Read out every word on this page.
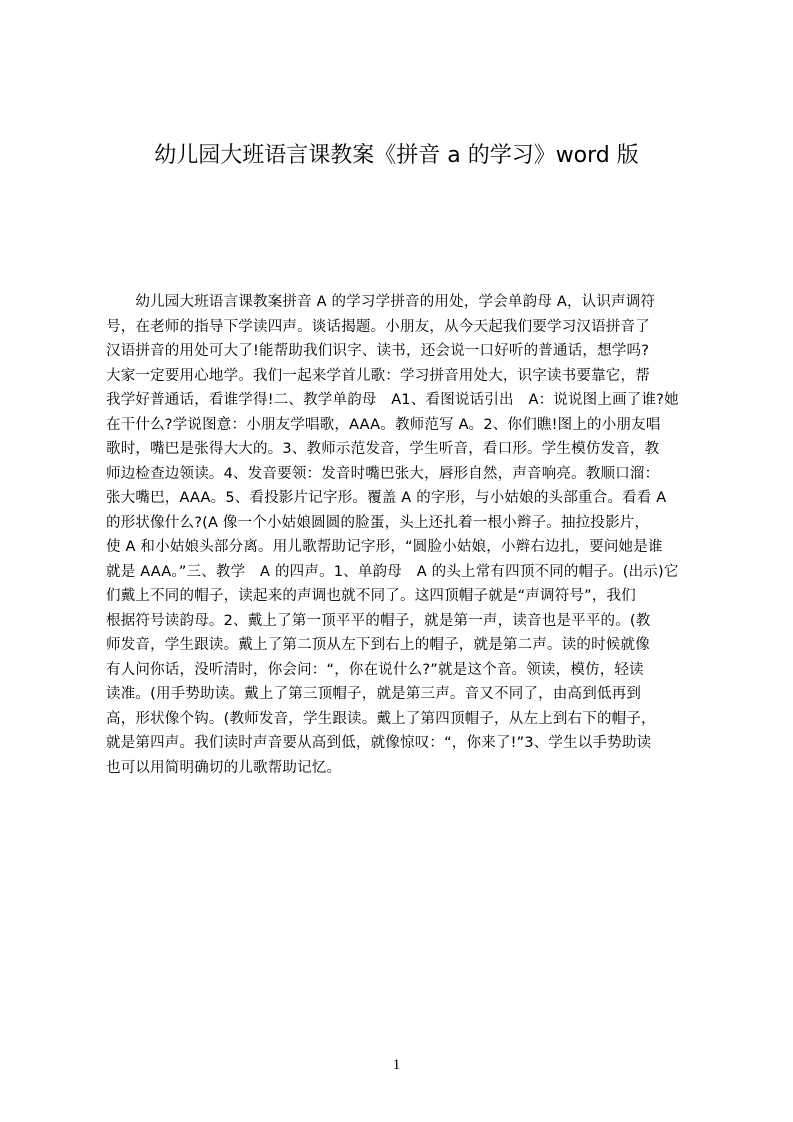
幼儿园大班语言课教案《拼音 a 的学习》word 版
　　幼儿园大班语言课教案拼音 A 的学习学拼音的用处，学会单韵母 A，认识声调符
号，在老师的指导下学读四声。谈话揭题。小朋友，从今天起我们要学习汉语拼音了
汉语拼音的用处可大了!能帮助我们识字、读书，还会说一口好听的普通话，想学吗?
大家一定要用心地学。我们一起来学首儿歌：学习拼音用处大，识字读书要靠它，帮
我学好普通话，看谁学得!二、教学单韵母　A1、看图说话引出　A：说说图上画了谁?她
在干什么?学说图意：小朋友学唱歌，AAA。教师范写 A。2、你们瞧!图上的小朋友唱
歌时，嘴巴是张得大大的。3、教师示范发音，学生听音，看口形。学生模仿发音，教
师边检查边领读。4、发音要领：发音时嘴巴张大，唇形自然，声音响亮。教顺口溜：
张大嘴巴，AAA。5、看投影片记字形。覆盖 A 的字形，与小姑娘的头部重合。看看 A
的形状像什么?(A 像一个小姑娘圆圆的脸蛋，头上还扎着一根小辫子。抽拉投影片，
使 A 和小姑娘头部分离。用儿歌帮助记字形，“圆脸小姑娘，小辫右边扎，要问她是谁
就是 AAA。”三、教学　A 的四声。1、单韵母　A 的头上常有四顶不同的帽子。(出示)它
们戴上不同的帽子，读起来的声调也就不同了。这四顶帽子就是“声调符号”，我们
根据符号读韵母。2、戴上了第一顶平平的帽子，就是第一声，读音也是平平的。(教
师发音，学生跟读。戴上了第二顶从左下到右上的帽子，就是第二声。读的时候就像
有人问你话，没听清时，你会问：“，你在说什么?”就是这个音。领读，模仿，轻读
读准。(用手势助读。戴上了第三顶帽子，就是第三声。音又不同了，由高到低再到
高，形状像个钩。(教师发音，学生跟读。戴上了第四顶帽子，从左上到右下的帽子，
就是第四声。我们读时声音要从高到低，就像惊叹：“，你来了!”3、学生以手势助读
也可以用简明确切的儿歌帮助记忆。
1
